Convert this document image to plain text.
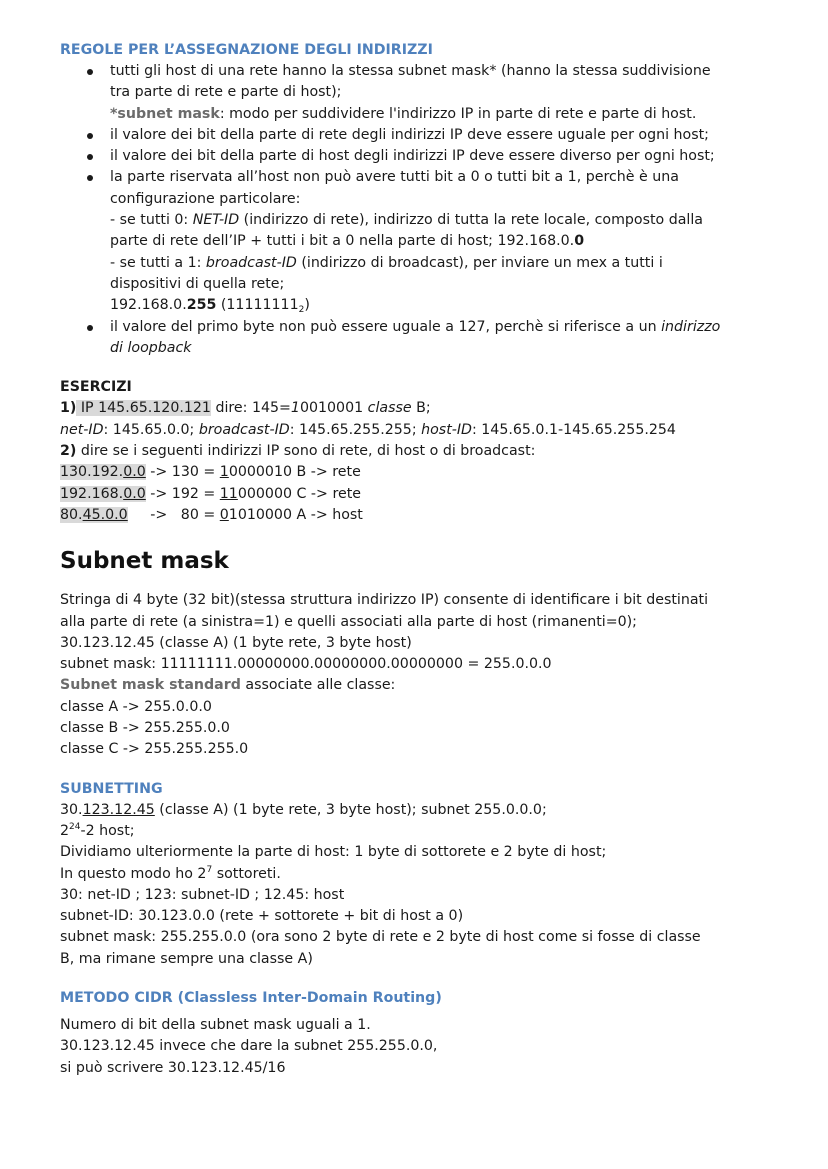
REGOLE PER L’ASSEGNAZIONE DEGLI INDIRIZZI
tutti gli host di una rete hanno la stessa subnet mask* (hanno la stessa suddivisione
tra parte di rete e parte di host);
*subnet mask: modo per suddividere l'indirizzo IP in parte di rete e parte di host.
il valore dei bit della parte di rete degli indirizzi IP deve essere uguale per ogni host;
il valore dei bit della parte di host degli indirizzi IP deve essere diverso per ogni host;
la parte riservata all’host non può avere tutti bit a 0 o tutti bit a 1, perchè è una
configurazione particolare:
- se tutti 0: NET-ID (indirizzo di rete), indirizzo di tutta la rete locale, composto dalla
parte di rete dell’IP + tutti i bit a 0 nella parte di host; 192.168.0.0
- se tutti a 1: broadcast-ID (indirizzo di broadcast), per inviare un mex a tutti i
dispositivi di quella rete;
192.168.0.255 $(11111111_2)$
il valore del primo byte non può essere uguale a 127, perchè si riferisce a un indirizzo
di loopback
ESERCIZI
1) IP 145.65.120.121 dire: 145=10010001 classe B;
net-ID: 145.65.0.0; broadcast-ID: 145.65.255.255; host-ID: 145.65.0.1-145.65.255.254
2) dire se i seguenti indirizzi IP sono di rete, di host o di broadcast:
130.192.0.0 -> 130 = 10000010 B -> rete
192.168.0.0 -> 192 = 11000000 C -> rete
80.45.0.0     ->   80 = 01010000 A -> host
Subnet mask
Stringa di 4 byte (32 bit)(stessa struttura indirizzo IP) consente di identificare i bit destinati
alla parte di rete (a sinistra=1) e quelli associati alla parte di host (rimanenti=0);
30.123.12.45 (classe A) (1 byte rete, 3 byte host)
subnet mask: 11111111.00000000.00000000.00000000 = 255.0.0.0
Subnet mask standard associate alle classe:
classe A -> 255.0.0.0
classe B -> 255.255.0.0
classe C -> 255.255.255.0
SUBNETTING
30.123.12.45 (classe A) (1 byte rete, 3 byte host); subnet 255.0.0.0;
$2^{24}-2$ host;
Dividiamo ulteriormente la parte di host: 1 byte di sottorete e 2 byte di host;
In questo modo ho $2^7$ sottoreti.
30: net-ID ; 123: subnet-ID ; 12.45: host
subnet-ID: 30.123.0.0 (rete + sottorete + bit di host a 0)
subnet mask: 255.255.0.0 (ora sono 2 byte di rete e 2 byte di host come si fosse di classe
B, ma rimane sempre una classe A)
METODO CIDR (Classless Inter-Domain Routing)
Numero di bit della subnet mask uguali a 1.
30.123.12.45 invece che dare la subnet 255.255.0.0,
si può scrivere 30.123.12.45/16
